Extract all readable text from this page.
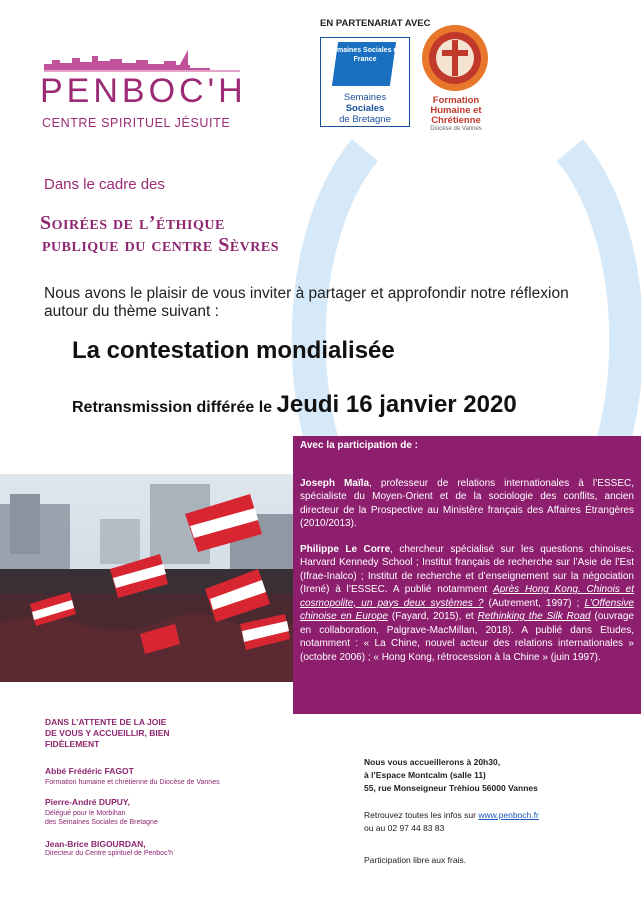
PENBOC'H
CENTRE SPIRITUEL JÉSUITE
EN PARTENARIAT AVEC
Semaines Sociales de France
Semaines
Sociales
de Bretagne
Formation
Humaine et
Chrétienne
Diocèse de Vannes
Dans le cadre des
Soirées de l’éthique
publique du centre Sèvres
Nous avons le plaisir de vous inviter à partager et approfondir notre réflexion autour du thème suivant :
La contestation mondialisée
Retransmission différée le Jeudi 16 janvier 2020

Avec la participation de :

Joseph Maïla, professeur de relations internationales à l’ESSEC, spécialiste du Moyen-Orient et de la sociologie des conflits, ancien directeur de la Prospective au Ministère français des Affaires Étrangères (2010/2013).

Philippe Le Corre, chercheur spécialisé sur les questions chinoises. Harvard Kennedy School ; Institut français de recherche sur l’Asie de l’Est (Ifrae-Inalco) ; Institut de recherche et d’enseignement sur la négociation (Irené) à l’ESSEC. A publié notamment Après Hong Kong. Chinois et cosmopolite, un pays deux systèmes ? (Autrement, 1997) ; L’Offensive chinoise en Europe (Fayard, 2015), et Rethinking the Silk Road (ouvrage en collaboration, Palgrave-MacMillan, 2018). A publié dans Etudes, notamment : « La Chine, nouvel acteur des relations internationales » (octobre 2006) ; « Hong Kong, rétrocession à la Chine » (juin 1997).

DANS L’ATTENTE DE LA JOIE
DE VOUS Y ACCUEILLIR, BIEN
FIDÈLEMENT
Abbé Frédéric FAGOT
Formation humaine et chrétienne du Diocèse de Vannes
Pierre-André DUPUY,
Délégué pour le Morbihan
des Semaines Sociales de Bretagne
Jean-Brice BIGOURDAN,
Directeur du Centre spirituel de Penboc’h
Nous vous accueillerons à 20h30,
à l’Espace Montcalm (salle 11)
55, rue Monseigneur Tréhiou 56000 Vannes
Retrouvez toutes les infos sur www.penboch.fr
ou au 02 97 44 83 83
Participation libre aux frais.
